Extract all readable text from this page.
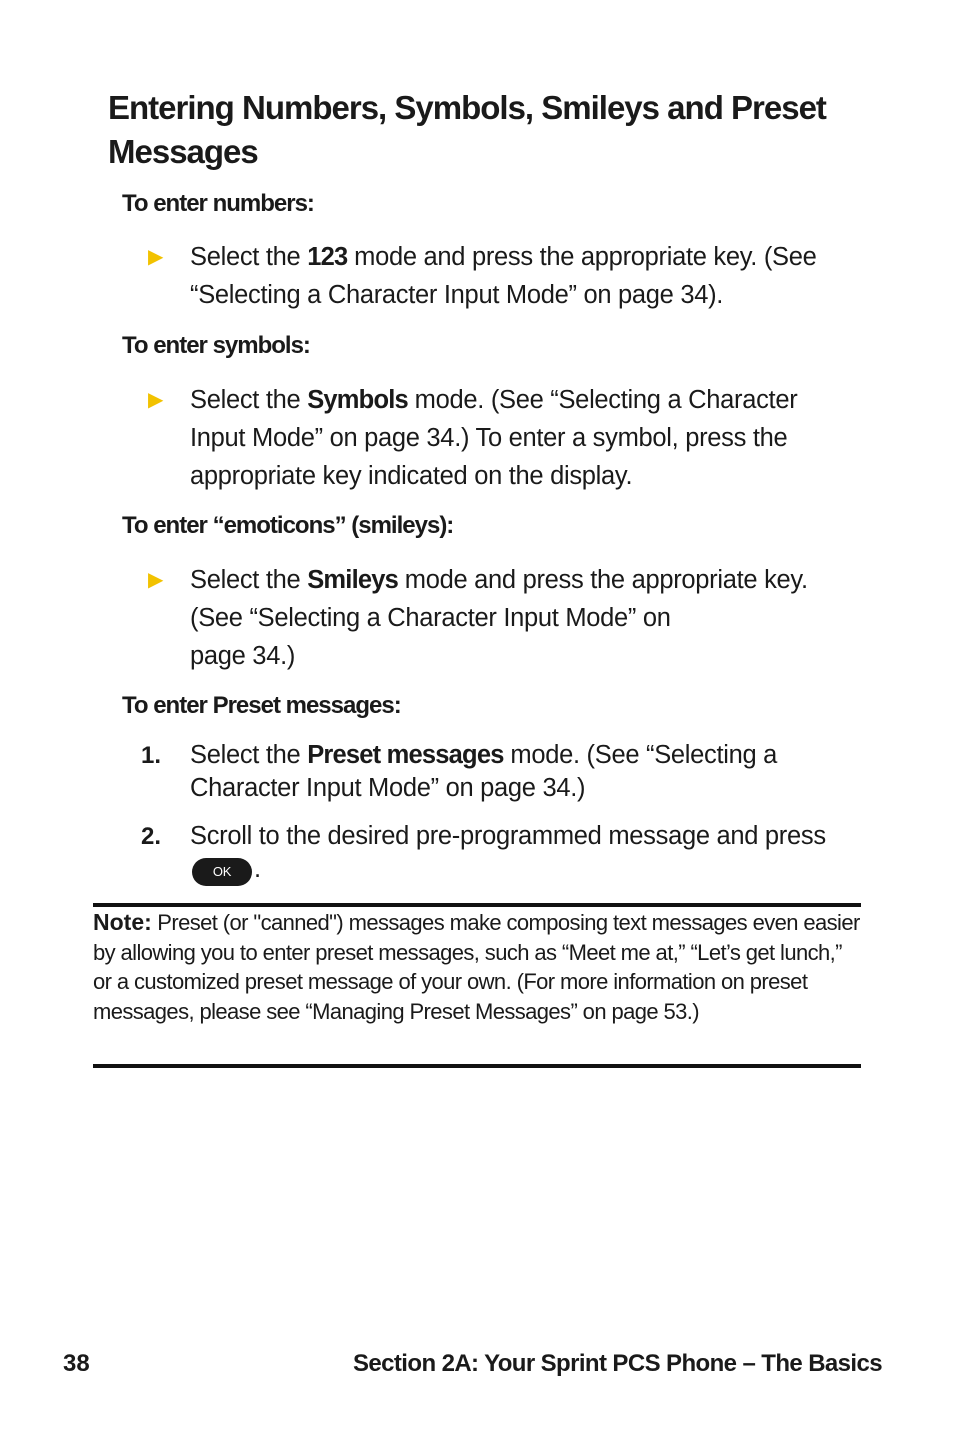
Entering Numbers, Symbols, Smileys and Preset Messages
To enter numbers:
▶ Select the 123 mode and press the appropriate key. (See “Selecting a Character Input Mode” on page 34).

To enter symbols:
▶ Select the Symbols mode. (See “Selecting a Character Input Mode” on page 34.) To enter a symbol, press the appropriate key indicated on the display.

To enter “emoticons” (smileys):
▶ Select the Smileys mode and press the appropriate key. (See “Selecting a Character Input Mode” on
page 34.)

To enter Preset messages:
1. Select the Preset messages mode. (See “Selecting a Character Input Mode” on page 34.)

2. Scroll to the desired pre-programmed message and press OK .

Note: Preset (or "canned") messages make composing text messages even easier by allowing you to enter preset messages, such as “Meet me at,” “Let’s get lunch,” or a customized preset message of your own. (For more information on preset messages, please see “Managing Preset Messages” on page 53.)

38	Section 2A: Your Sprint PCS Phone – The Basics
